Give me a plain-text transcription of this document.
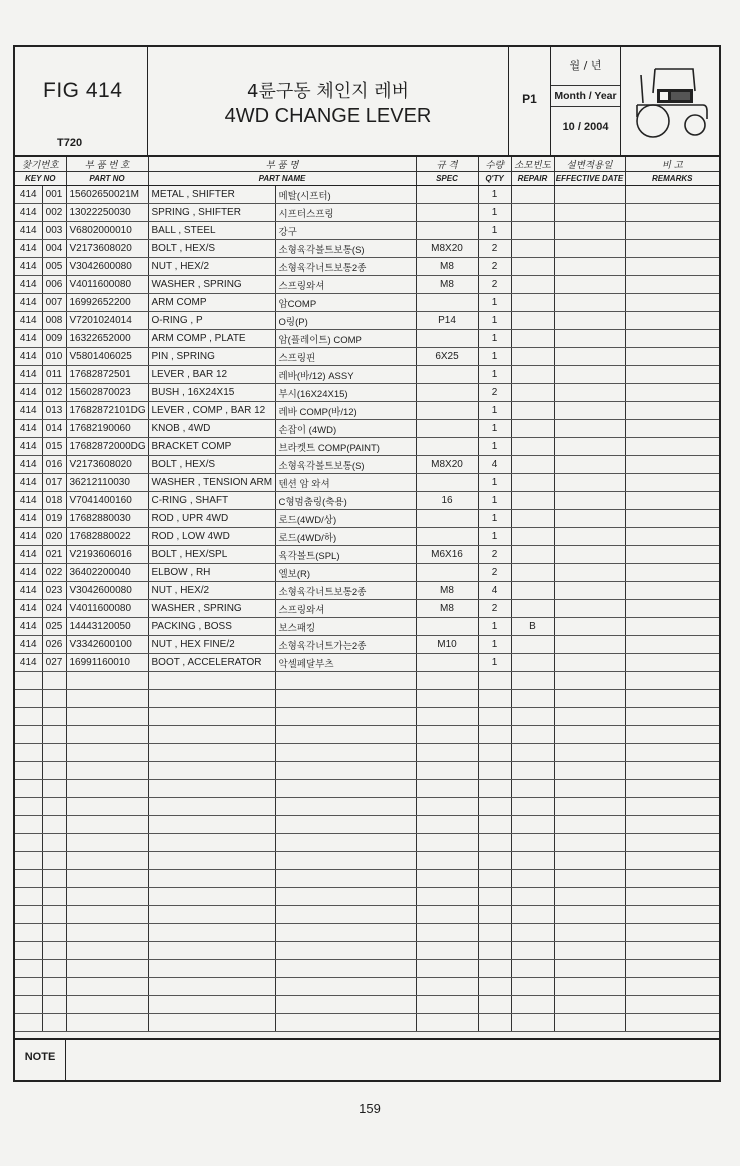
FIG 414
T720
4륜구동 체인지 레버
4WD CHANGE LEVER
P1
월 / 년
Month / Year
10 / 2004
찾기번호		부 품 번 호	부 품 명		규 격	수량	소모빈도	설변적용일	비 고
KEY NO		PART NO	PART NAME		SPEC	Q'TY	REPAIR	EFFECTIVE DATE	REMARKS
414	001	15602650021M	METAL , SHIFTER	메탈(시프터)		1			
414	002	13022250030	SPRING , SHIFTER	시프터스프링		1			
414	003	V6802000010	BALL , STEEL	강구		1			
414	004	V2173608020	BOLT , HEX/S	소형육각볼트보통(S)	M8X20	2			
414	005	V3042600080	NUT , HEX/2	소형육각너트보통2종	M8	2			
414	006	V4011600080	WASHER , SPRING	스프링와셔	M8	2			
414	007	16992652200	ARM COMP	암COMP		1			
414	008	V7201024014	O-RING , P	O링(P)	P14	1			
414	009	16322652000	ARM COMP , PLATE	암(플레이트) COMP		1			
414	010	V5801406025	PIN , SPRING	스프링핀	6X25	1			
414	011	17682872501	LEVER , BAR 12	레바(바/12) ASSY		1			
414	012	15602870023	BUSH , 16X24X15	부시(16X24X15)		2			
414	013	17682872101DG	LEVER , COMP , BAR 12	레바 COMP(바/12)		1			
414	014	17682190060	KNOB , 4WD	손잡이 (4WD)		1			
414	015	17682872000DG	BRACKET COMP	브라켓트 COMP(PAINT)		1			
414	016	V2173608020	BOLT , HEX/S	소형육각볼트보통(S)	M8X20	4			
414	017	36212110030	WASHER , TENSION ARM	텐션 암 와셔		1			
414	018	V7041400160	C-RING , SHAFT	C형멈춤링(축용)	16	1			
414	019	17682880030	ROD , UPR 4WD	로드(4WD/상)		1			
414	020	17682880022	ROD , LOW 4WD	로드(4WD/하)		1			
414	021	V2193606016	BOLT , HEX/SPL	육각볼트(SPL)	M6X16	2			
414	022	36402200040	ELBOW , RH	엘보(R)		2			
414	023	V3042600080	NUT , HEX/2	소형육각너트보통2종	M8	4			
414	024	V4011600080	WASHER , SPRING	스프링와셔	M8	2			
414	025	14443120050	PACKING , BOSS	보스패킹		1	B		
414	026	V3342600100	NUT , HEX FINE/2	소형육각너트가는2종	M10	1			
414	027	16991160010	BOOT , ACCELERATOR	악셀페달부츠		1			

NOTE
159
